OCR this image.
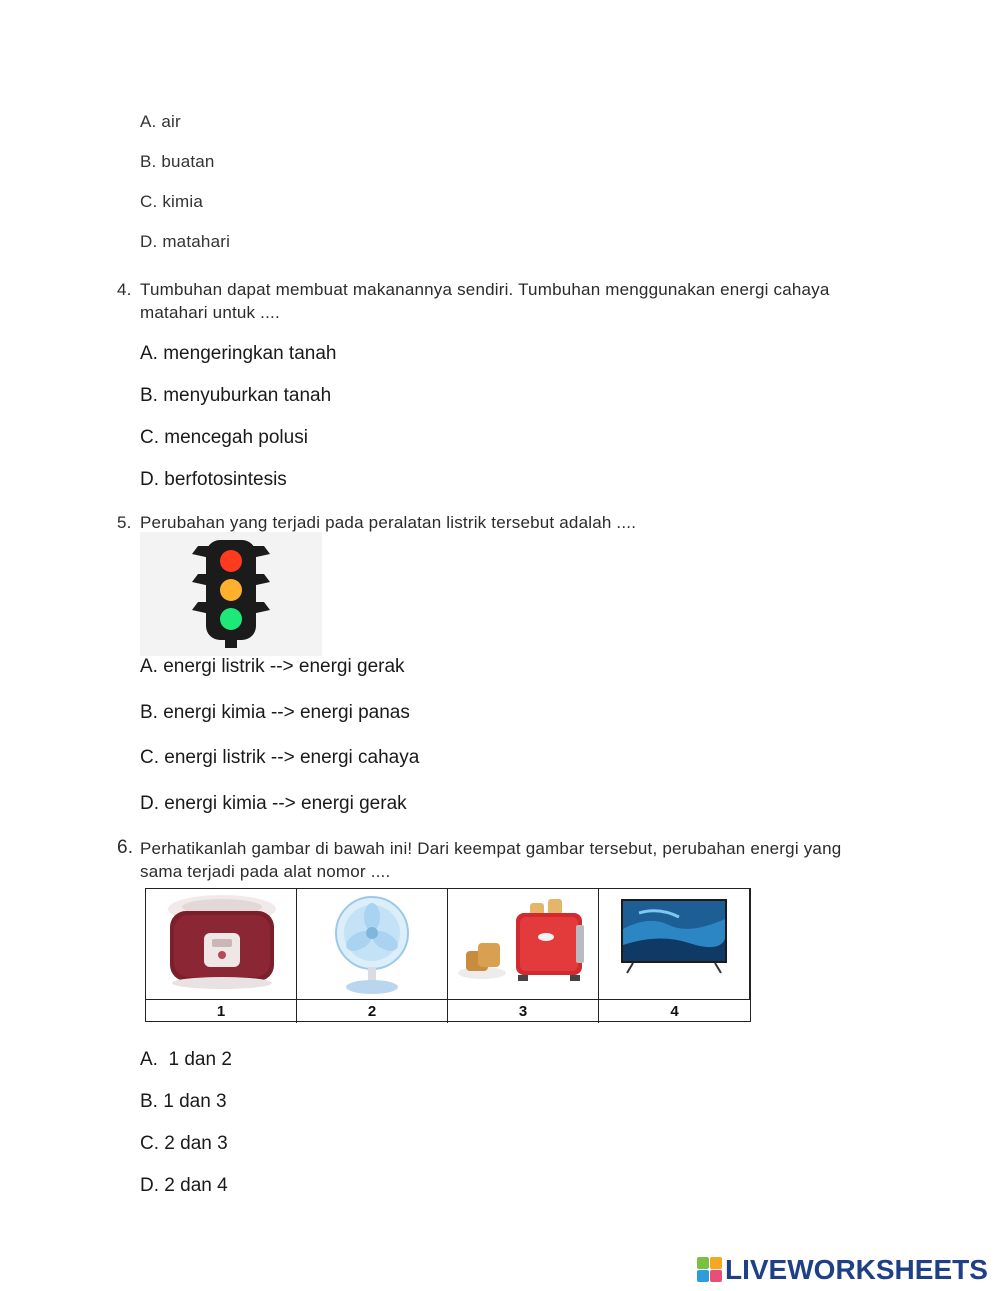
A. air
B. buatan
C. kimia
D. matahari
4. Tumbuhan dapat membuat makanannya sendiri. Tumbuhan menggunakan energi cahaya matahari untuk ....
A. mengeringkan tanah
B. menyuburkan tanah
C. mencegah polusi
D. berfotosintesis
5. Perubahan yang terjadi pada peralatan listrik tersebut adalah ....
A. energi listrik --> energi gerak
B. energi kimia --> energi panas
C. energi listrik --> energi cahaya
D. energi kimia --> energi gerak
6. Perhatikanlah gambar di bawah ini! Dari keempat gambar tersebut, perubahan energi yang sama terjadi pada alat nomor ....
1	2	3	4
A.  1 dan 2
B. 1 dan 3
C. 2 dan 3
D. 2 dan 4
LIVEWORKSHEETS
